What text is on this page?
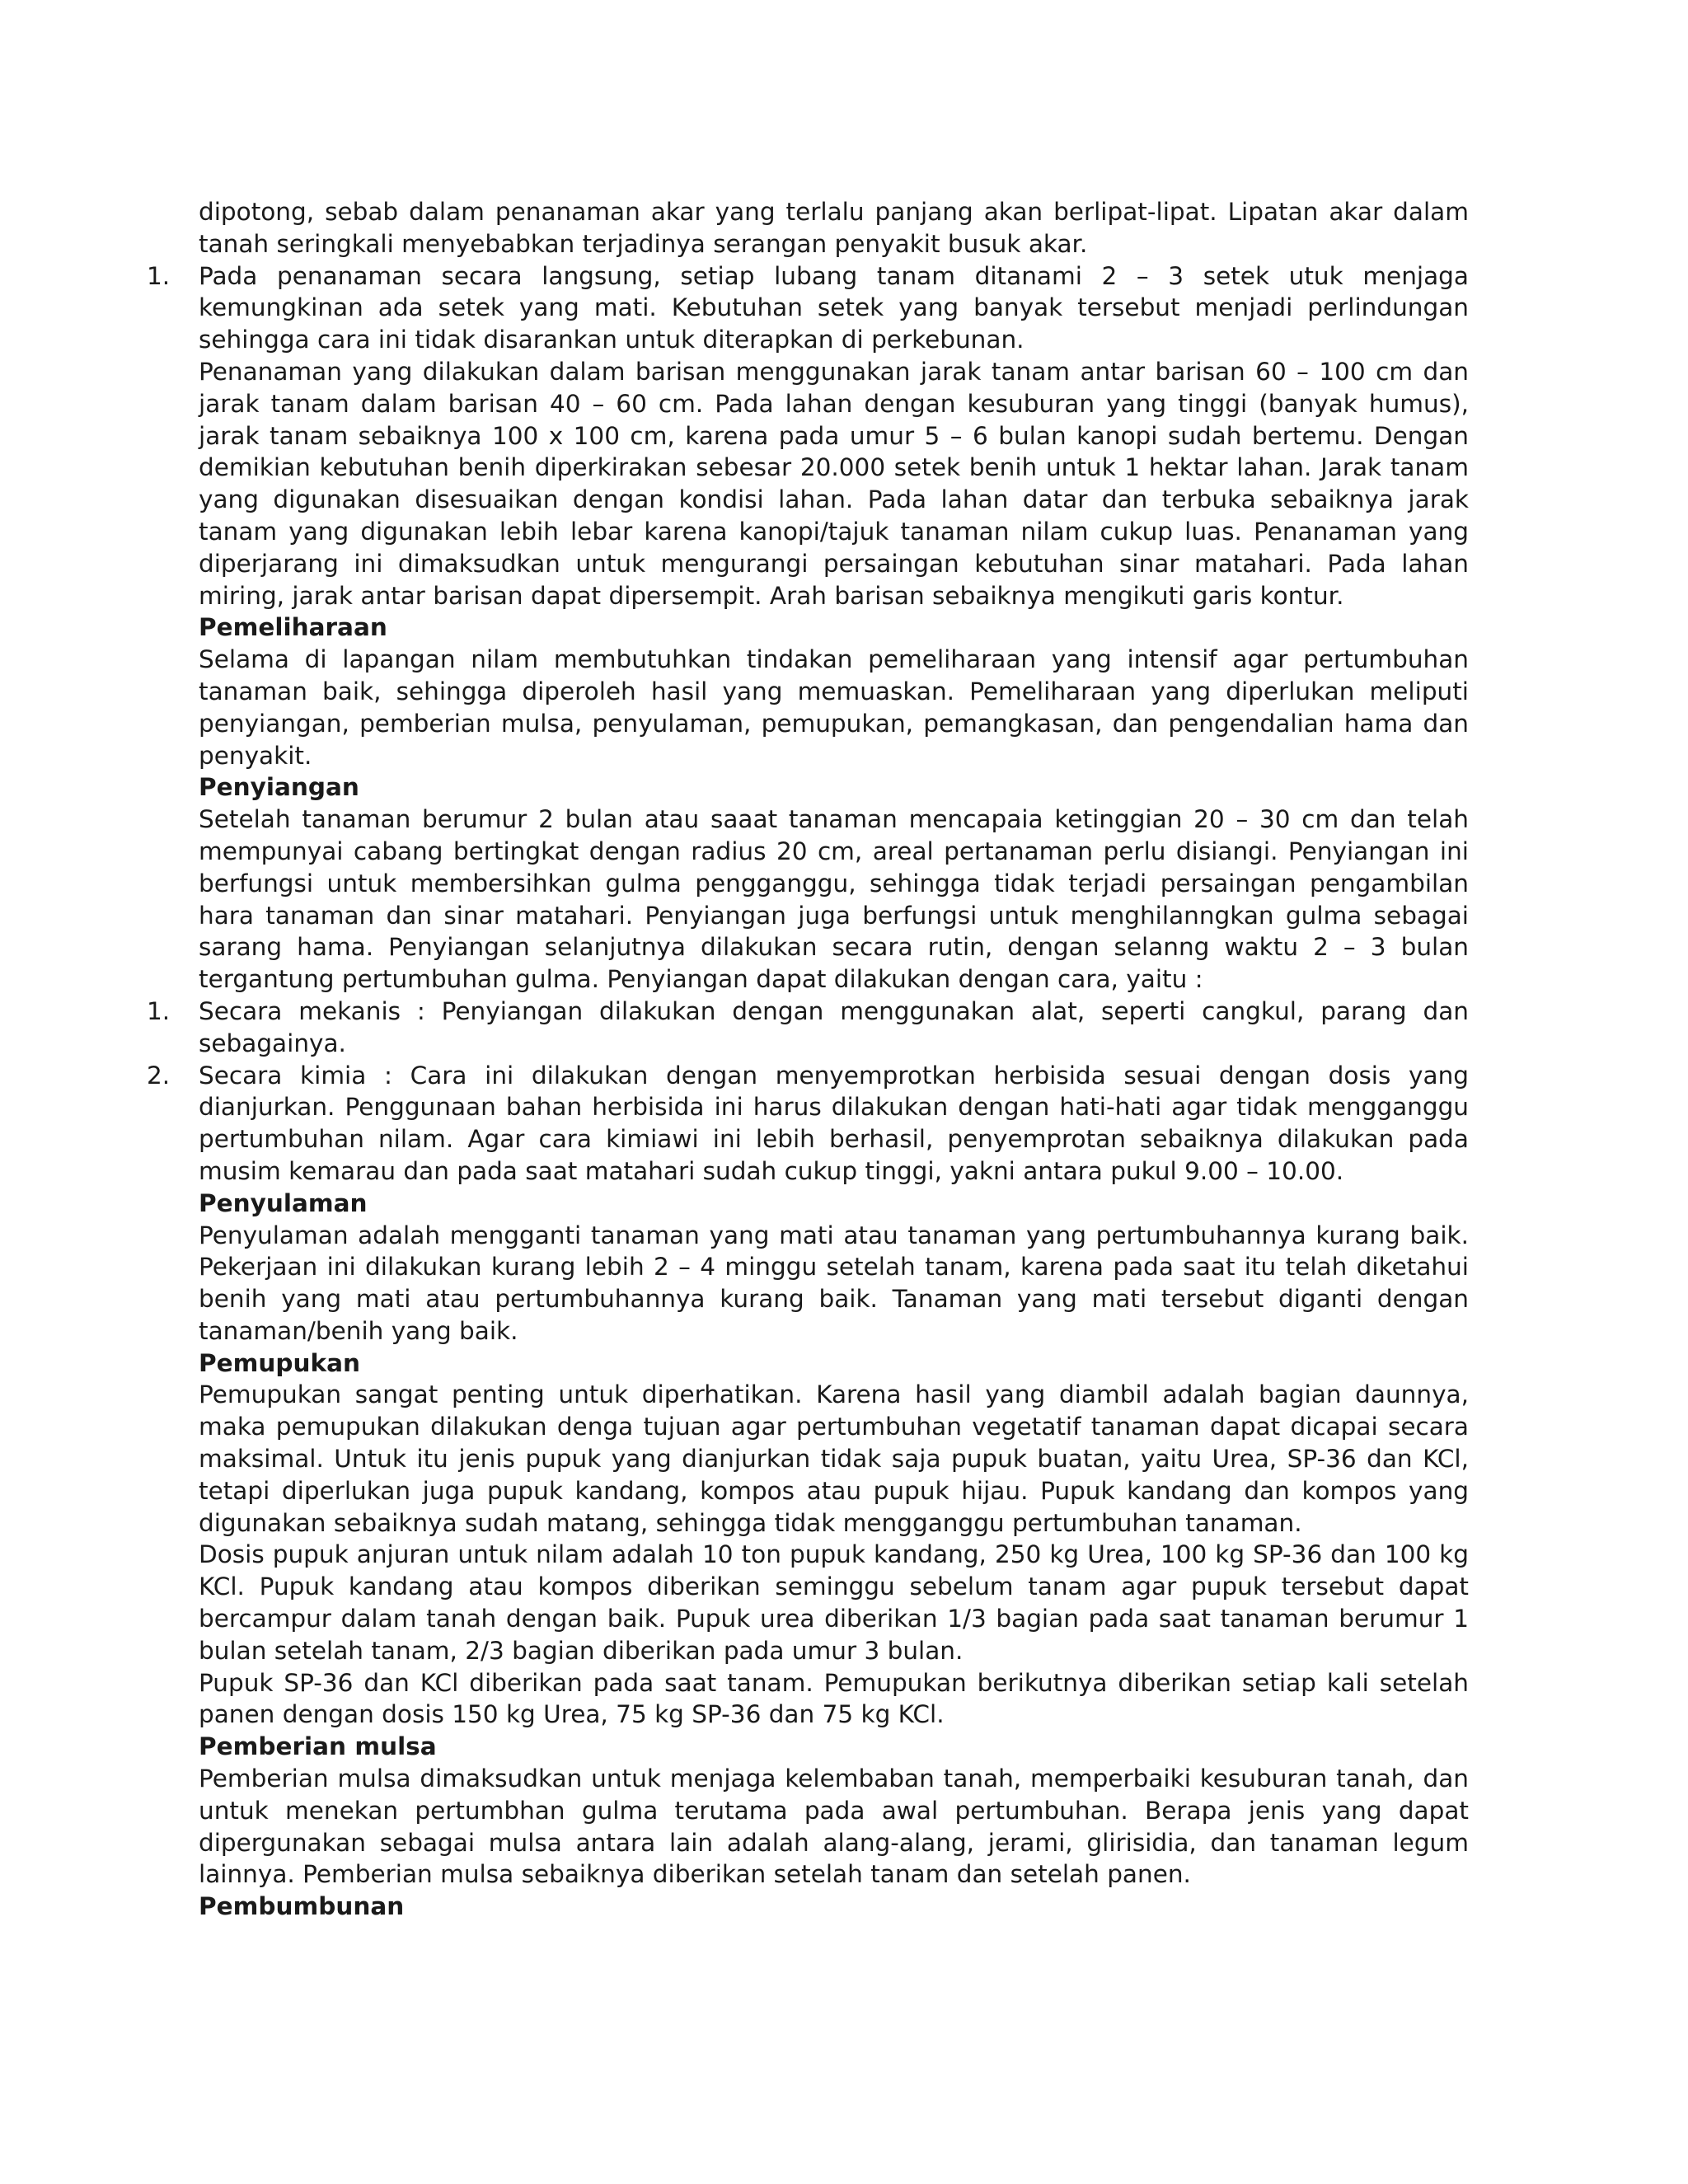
dipotong, sebab dalam penanaman akar yang terlalu panjang akan berlipat-lipat. Lipatan akar dalam tanah seringkali menyebabkan terjadinya serangan penyakit busuk akar.

1. Pada penanaman secara langsung, setiap lubang tanam ditanami 2 – 3 setek utuk menjaga kemungkinan ada setek yang mati. Kebutuhan setek yang banyak tersebut menjadi perlindungan sehingga cara ini tidak disarankan untuk diterapkan di perkebunan.

Penanaman yang dilakukan dalam barisan menggunakan jarak tanam antar barisan 60 – 100 cm dan jarak tanam dalam barisan 40 – 60 cm. Pada lahan dengan kesuburan yang tinggi (banyak humus), jarak tanam sebaiknya 100 x 100 cm, karena pada umur 5 – 6 bulan kanopi sudah bertemu. Dengan demikian kebutuhan benih diperkirakan sebesar 20.000 setek benih untuk 1 hektar lahan. Jarak tanam yang digunakan disesuaikan dengan kondisi lahan. Pada lahan datar dan terbuka sebaiknya jarak tanam yang digunakan lebih lebar karena kanopi/tajuk tanaman nilam cukup luas. Penanaman yang diperjarang ini dimaksudkan untuk mengurangi persaingan kebutuhan sinar matahari. Pada lahan miring, jarak antar barisan dapat dipersempit. Arah barisan sebaiknya mengikuti garis kontur.

Pemeliharaan

Selama di lapangan nilam membutuhkan tindakan pemeliharaan yang intensif agar pertumbuhan tanaman baik, sehingga diperoleh hasil yang memuaskan. Pemeliharaan yang diperlukan meliputi penyiangan, pemberian mulsa, penyulaman, pemupukan, pemangkasan, dan pengendalian hama dan penyakit.

Penyiangan

Setelah tanaman berumur 2 bulan atau saaat tanaman mencapaia ketinggian 20 – 30 cm dan telah mempunyai cabang bertingkat dengan radius 20 cm, areal pertanaman perlu disiangi. Penyiangan ini berfungsi untuk membersihkan gulma pengganggu, sehingga tidak terjadi persaingan pengambilan hara tanaman dan sinar matahari. Penyiangan juga berfungsi untuk menghilanngkan gulma sebagai sarang hama. Penyiangan selanjutnya dilakukan secara rutin, dengan selanng waktu 2 – 3 bulan tergantung pertumbuhan gulma. Penyiangan dapat dilakukan dengan cara, yaitu :

1. Secara mekanis : Penyiangan dilakukan dengan menggunakan alat, seperti cangkul, parang dan sebagainya.
2. Secara kimia : Cara ini dilakukan dengan menyemprotkan herbisida sesuai dengan dosis yang dianjurkan. Penggunaan bahan herbisida ini harus dilakukan dengan hati-hati agar tidak mengganggu pertumbuhan nilam. Agar cara kimiawi ini lebih berhasil, penyemprotan sebaiknya dilakukan pada musim kemarau dan pada saat matahari sudah cukup tinggi, yakni antara pukul 9.00 – 10.00.

Penyulaman

Penyulaman adalah mengganti tanaman yang mati atau tanaman yang pertumbuhannya kurang baik. Pekerjaan ini dilakukan kurang lebih 2 – 4 minggu setelah tanam, karena pada saat itu telah diketahui benih yang mati atau pertumbuhannya kurang baik. Tanaman yang mati tersebut diganti dengan tanaman/benih yang baik.

Pemupukan

Pemupukan sangat penting untuk diperhatikan. Karena hasil yang diambil adalah bagian daunnya, maka pemupukan dilakukan denga tujuan agar pertumbuhan vegetatif tanaman dapat dicapai secara maksimal. Untuk itu jenis pupuk yang dianjurkan tidak saja pupuk buatan, yaitu Urea, SP-36 dan KCl, tetapi diperlukan juga pupuk kandang, kompos atau pupuk hijau. Pupuk kandang dan kompos yang digunakan sebaiknya sudah matang, sehingga tidak mengganggu pertumbuhan tanaman.

Dosis pupuk anjuran untuk nilam adalah 10 ton pupuk kandang, 250 kg Urea, 100 kg SP-36 dan 100 kg KCl. Pupuk kandang atau kompos diberikan seminggu sebelum tanam agar pupuk tersebut dapat bercampur dalam tanah dengan baik. Pupuk urea diberikan 1/3 bagian pada saat tanaman berumur 1 bulan setelah tanam, 2/3 bagian diberikan pada umur 3 bulan.

Pupuk SP-36 dan KCl diberikan pada saat tanam. Pemupukan berikutnya diberikan setiap kali setelah panen dengan dosis 150 kg Urea, 75 kg SP-36 dan 75 kg KCl.

Pemberian mulsa

Pemberian mulsa dimaksudkan untuk menjaga kelembaban tanah, memperbaiki kesuburan tanah, dan untuk menekan pertumbhan gulma terutama pada awal pertumbuhan. Berapa jenis yang dapat dipergunakan sebagai mulsa antara lain adalah alang-alang, jerami, glirisidia, dan tanaman legum lainnya. Pemberian mulsa sebaiknya diberikan setelah tanam dan setelah panen.

Pembumbunan
